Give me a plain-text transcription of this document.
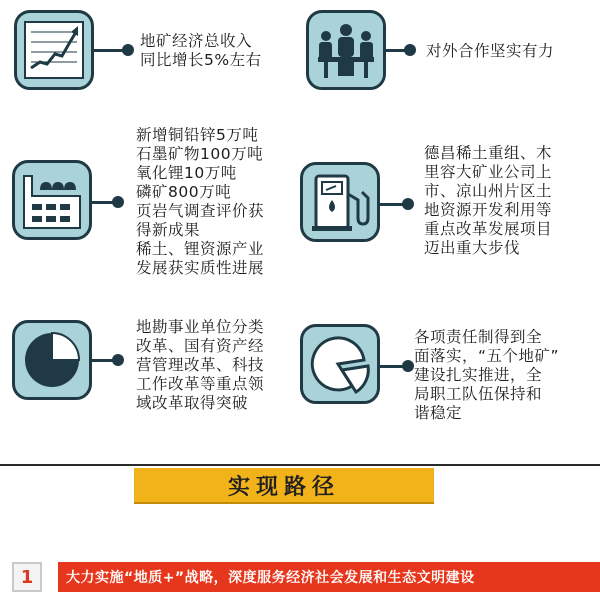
地矿经济总收入
同比增长5%左右	对外合作坚实有力
新增铜铅锌5万吨
石墨矿物100万吨
氧化锂10万吨
磷矿800万吨
页岩气调查评价获
得新成果
稀土、锂资源产业
发展获实质性进展
德昌稀土重组、木
里容大矿业公司上
市、凉山州片区土
地资源开发利用等
重点改革发展项目
迈出重大步伐
地勘事业单位分类
改革、国有资产经
营管理改革、科技
工作改革等重点领
域改革取得突破
各项责任制得到全
面落实，“五个地矿”
建设扎实推进，全
局职工队伍保持和
谐稳定
实现路径
1 大力实施“地质+”战略，深度服务经济社会发展和生态文明建设
